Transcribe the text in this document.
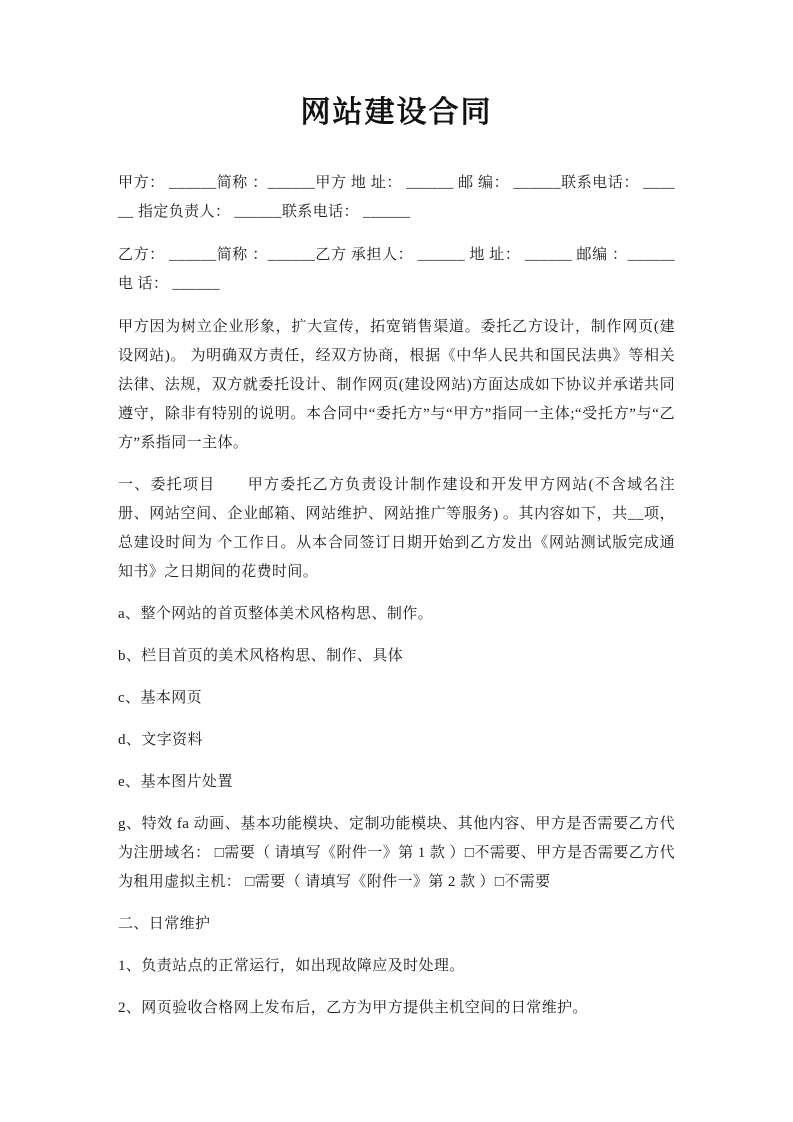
网站建设合同

甲方： ______简称 ：______甲方 地 址： ______ 邮 编： ______联系电话： ______ 指定负责人： ______联系电话： ______

乙方： ______简称 ：______乙方 承担人： ______ 地 址： ______ 邮编 ：______电 话： ______

甲方因为树立企业形象，扩大宣传，拓宽销售渠道。委托乙方设计，制作网页(建设网站)。 为明确双方责任，经双方协商，根据《中华人民共和国民法典》等相关法律、法规，双方就委托设计、制作网页(建设网站)方面达成如下协议并承诺共同遵守，除非有特别的说明。本合同中“委托方”与“甲方”指同一主体;“受托方”与“乙方”系指同一主体。

一、委托项目　　甲方委托乙方负责设计制作建设和开发甲方网站(不含域名注册、网站空间、企业邮箱、网站维护、网站推广等服务) 。其内容如下，共__项，总建设时间为 个工作日。从本合同签订日期开始到乙方发出《网站测试版完成通知书》之日期间的花费时间。

a、整个网站的首页整体美术风格构思、制作。

b、栏目首页的美术风格构思、制作、具体

c、基本网页

d、文字资料

e、基本图片处置

g、特效 fa 动画、基本功能模块、定制功能模块、其他内容、甲方是否需要乙方代为注册域名： □需要（ 请填写《附件一》第 1 款 ）□不需要、甲方是否需要乙方代为租用虚拟主机： □需要（ 请填写《附件一》第 2 款 ）□不需要

二、日常维护

1、负责站点的正常运行，如出现故障应及时处理。

2、网页验收合格网上发布后，乙方为甲方提供主机空间的日常维护。
